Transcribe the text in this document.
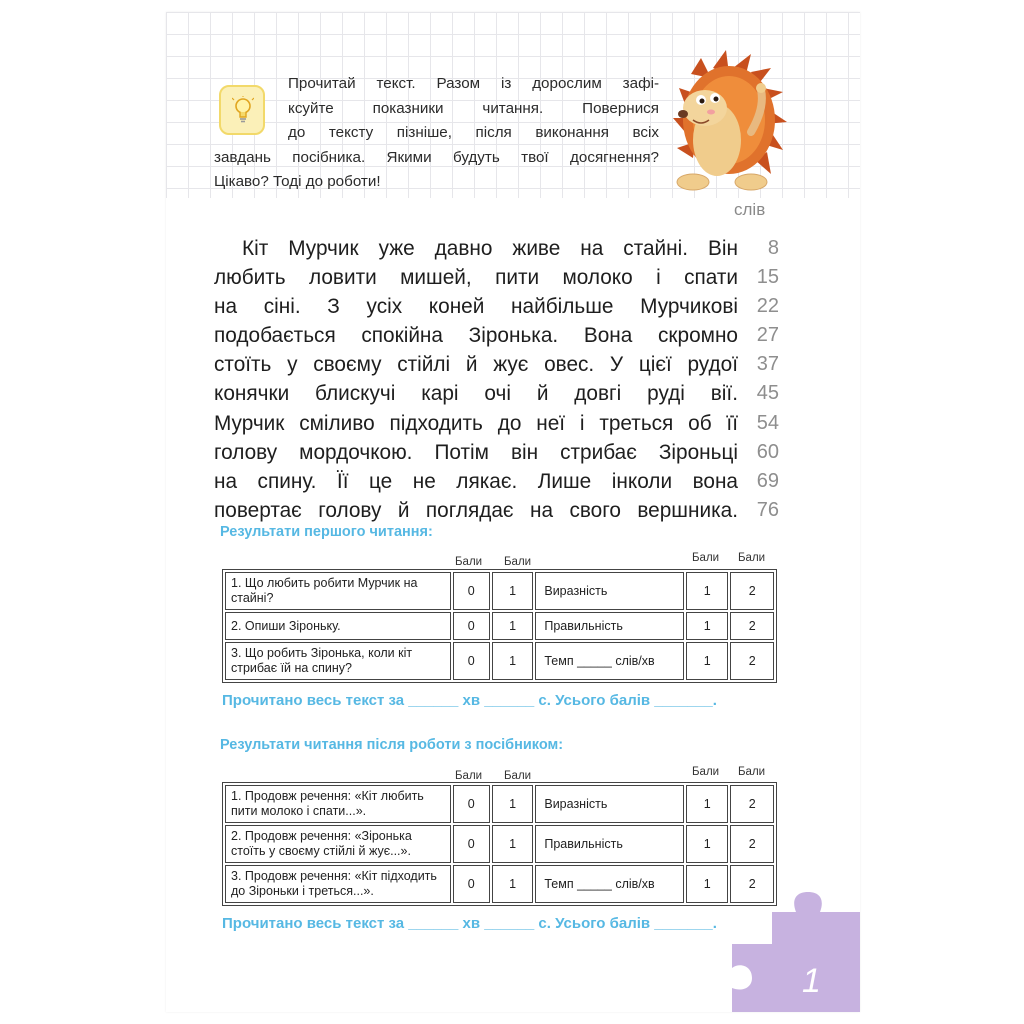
Прочитай текст. Разом із дорослим зафі-
ксуйте показники читання. Повернися
до тексту пізніше, після виконання всіх
завдань посібника. Якими будуть твої досягнення?
Цікаво? Тоді до роботи!
слів
Кіт Мурчик уже давно живе на стайні. Він
любить ловити мишей, пити молоко і спати
на сіні. З усіх коней найбільше Мурчикові
подобається спокійна Зіронька. Вона скромно
стоїть у своєму стійлі й жує овес. У цієї рудої
конячки блискучі карі очі й довгі руді вії.
Мурчик сміливо підходить до неї і треться об її
голову мордочкою. Потім він стрибає Зіроньці
на спину. Її це не лякає. Лише інколи вона
повертає голову й поглядає на свого вершника.
8
15
22
27
37
45
54
60
69
76
Результати першого читання:
Бали Бали	Бали Бали
1. Що любить робити Мурчик на стайні?	0	1	Виразність	1	2
2. Опиши Зіроньку.	0	1	Правильність	1	2
3. Що робить Зіронька, коли кіт стрибає їй на спину?	0	1	Темп _____ слів/хв	1	2
Прочитано весь текст за ______ хв ______ с. Усього балів _______.
Результати читання після роботи з посібником:
Бали Бали	Бали Бали
1. Продовж речення: «Кіт любить пити молоко і спати...».	0	1	Виразність	1	2
2. Продовж речення: «Зіронька стоїть у своєму стійлі й жує...».	0	1	Правильність	1	2
3. Продовж речення: «Кіт підходить до Зіроньки і треться...».	0	1	Темп _____ слів/хв	1	2
Прочитано весь текст за ______ хв ______ с. Усього балів _______.
1
